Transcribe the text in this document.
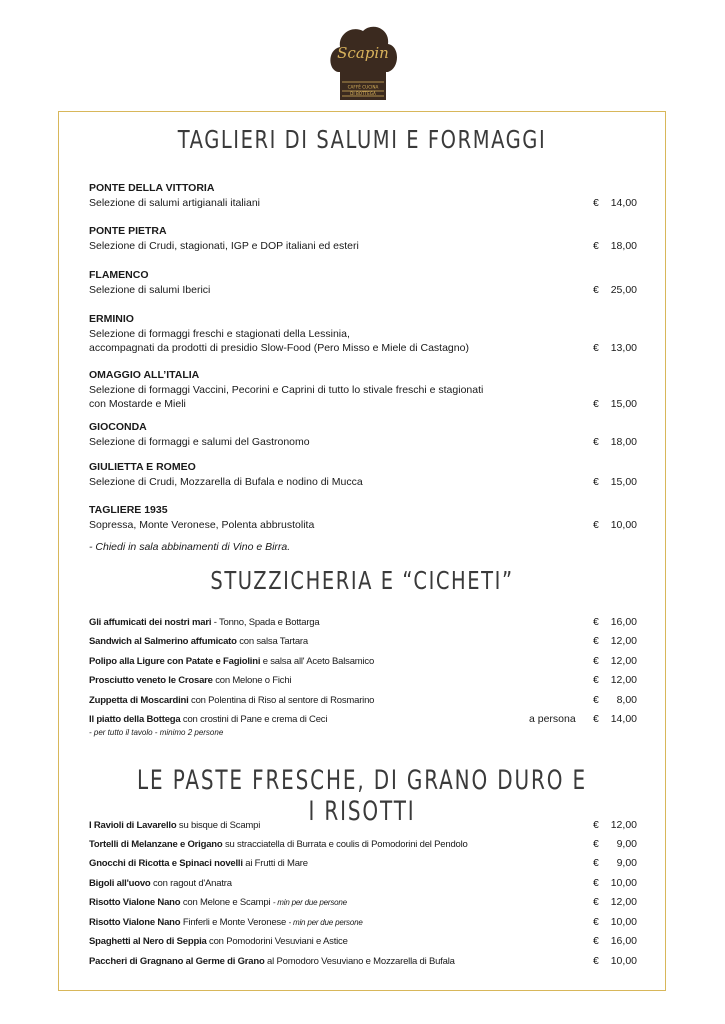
Scapin
CAFFÈ CUCINA
DI BOTTEGA
TAGLIERI DI SALUMI E FORMAGGI
PONTE DELLA VITTORIA
Selezione di salumi artigianali italiani	€ 14,00
PONTE PIETRA
Selezione di Crudi, stagionati, IGP e DOP italiani ed esteri	€ 18,00
FLAMENCO
Selezione di salumi Iberici	€ 25,00
ERMINIO
Selezione di formaggi freschi e stagionati della Lessinia,
accompagnati da prodotti di presidio Slow-Food (Pero Misso e Miele di Castagno)	€ 13,00
OMAGGIO ALL’ITALIA
Selezione di formaggi Vaccini, Pecorini e Caprini di tutto lo stivale freschi e stagionati
con Mostarde e Mieli	€ 15,00
GIOCONDA
Selezione di formaggi e salumi del Gastronomo	€ 18,00
GIULIETTA E ROMEO
Selezione di Crudi, Mozzarella di Bufala e nodino di Mucca	€ 15,00
TAGLIERE 1935
Sopressa, Monte Veronese, Polenta abbrustolita	€ 10,00
- Chiedi in sala abbinamenti di Vino e Birra.
STUZZICHERIA E “CICHETI”
Gli affumicati dei nostri mari - Tonno, Spada e Bottarga	€ 16,00
Sandwich al Salmerino affumicato con salsa Tartara	€ 12,00
Polipo alla Ligure con Patate e Fagiolini e salsa all' Aceto Balsamico	€ 12,00
Prosciutto veneto le Crosare con Melone o Fichi	€ 12,00
Zuppetta di Moscardini con Polentina di Riso al sentore di Rosmarino	€ 8,00
Il piatto della Bottega con crostini di Pane e crema di Ceci	a persona € 14,00
- per tutto il tavolo - minimo 2 persone
LE PASTE FRESCHE, DI GRANO DURO E I RISOTTI
I Ravioli di Lavarello su bisque di Scampi	€ 12,00
Tortelli di Melanzane e Origano su stracciatella di Burrata e coulis di Pomodorini del Pendolo	€ 9,00
Gnocchi di Ricotta e Spinaci novelli ai Frutti di Mare	€ 9,00
Bigoli all'uovo con ragout d'Anatra	€ 10,00
Risotto Vialone Nano con Melone e Scampi - min per due persone	€ 12,00
Risotto Vialone Nano Finferli e Monte Veronese - min per due persone	€ 10,00
Spaghetti al Nero di Seppia con Pomodorini Vesuviani e Astice	€ 16,00
Paccheri di Gragnano al Germe di Grano al Pomodoro Vesuviano e Mozzarella di Bufala	€ 10,00
